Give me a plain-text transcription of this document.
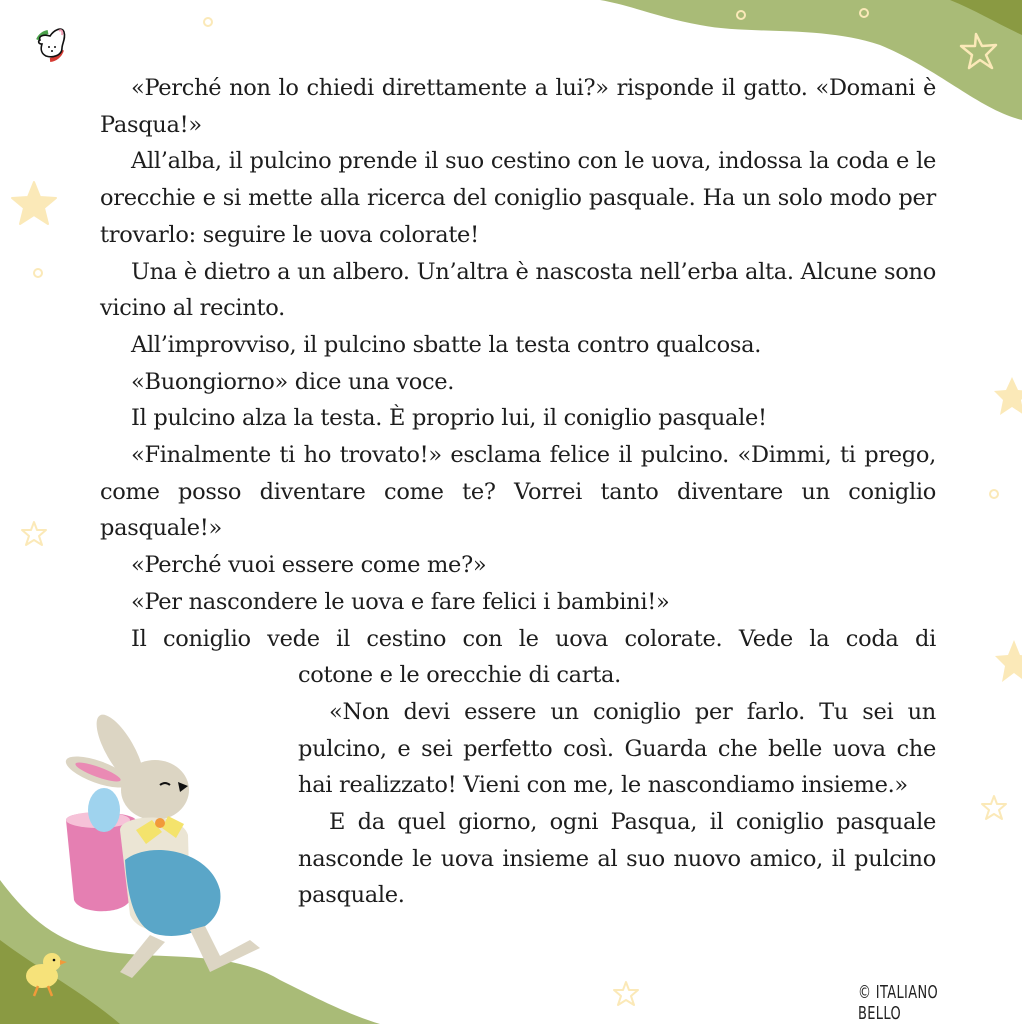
«Perché non lo chiedi direttamente a lui?» risponde il gatto. «Domani è Pasqua!»

All’alba, il pulcino prende il suo cestino con le uova, indossa la coda e le orecchie e si mette alla ricerca del coniglio pasquale. Ha un solo modo per trovarlo: seguire le uova colorate!

Una è dietro a un albero. Un’altra è nascosta nell’erba alta. Alcune sono vicino al recinto.

All’improvviso, il pulcino sbatte la testa contro qualcosa.

«Buongiorno» dice una voce.

Il pulcino alza la testa. È proprio lui, il coniglio pasquale!

«Finalmente ti ho trovato!» esclama felice il pulcino. «Dimmi, ti prego, come posso diventare come te? Vorrei tanto diventare un coniglio pasquale!»

«Perché vuoi essere come me?»

«Per nascondere le uova e fare felici i bambini!»

Il coniglio vede il cestino con le uova colorate. Vede la coda di

cotone e le orecchie di carta.

«Non devi essere un coniglio per farlo. Tu sei un pulcino, e sei perfetto così. Guarda che belle uova che hai realizzato! Vieni con me, le nascondiamo insieme.»

E da quel giorno, ogni Pasqua, il coniglio pasquale nasconde le uova insieme al suo nuovo amico, il pulcino pasquale.

© ITALIANO BELLO
